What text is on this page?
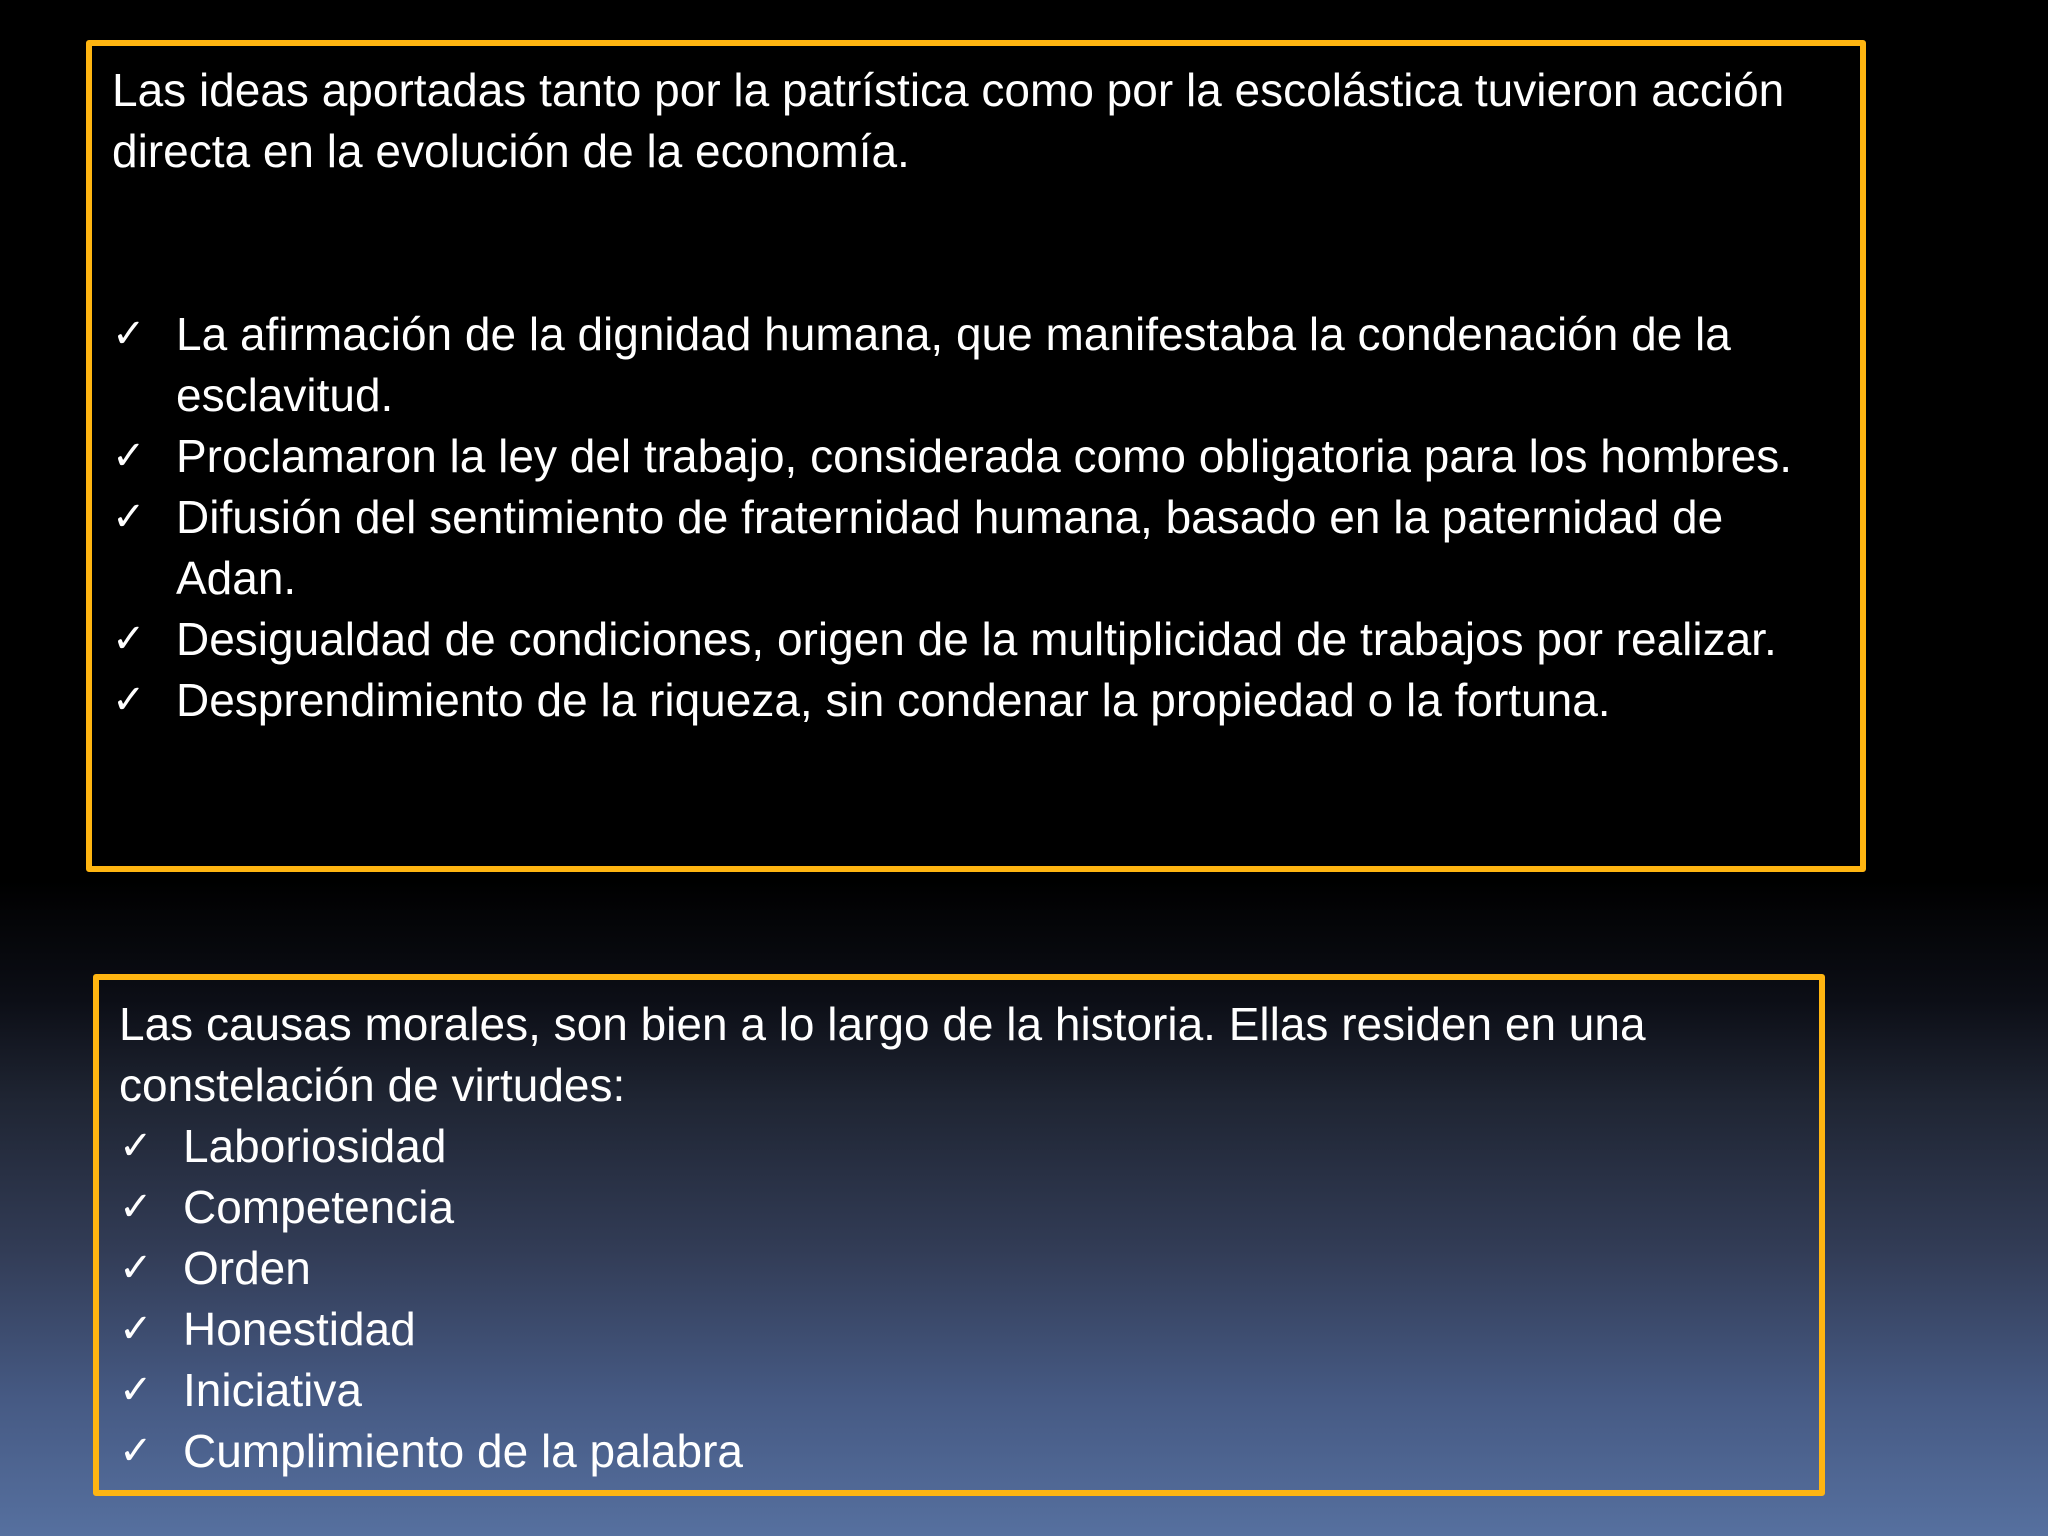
Las ideas aportadas tanto por la patrística como por la escolástica tuvieron acción directa en la evolución de la economía.

✓ La afirmación de la dignidad humana, que manifestaba la condenación de la esclavitud.
✓ Proclamaron la ley del trabajo, considerada como obligatoria para los hombres.
✓ Difusión del sentimiento de fraternidad humana, basado en la paternidad de Adan.
✓ Desigualdad de condiciones, origen de la multiplicidad de trabajos por realizar.
✓ Desprendimiento de la riqueza, sin condenar la propiedad o la fortuna.

Las causas morales, son bien a lo largo de la historia. Ellas residen en una constelación de virtudes:

✓ Laboriosidad
✓ Competencia
✓ Orden
✓ Honestidad
✓ Iniciativa
✓ Cumplimiento de la palabra
